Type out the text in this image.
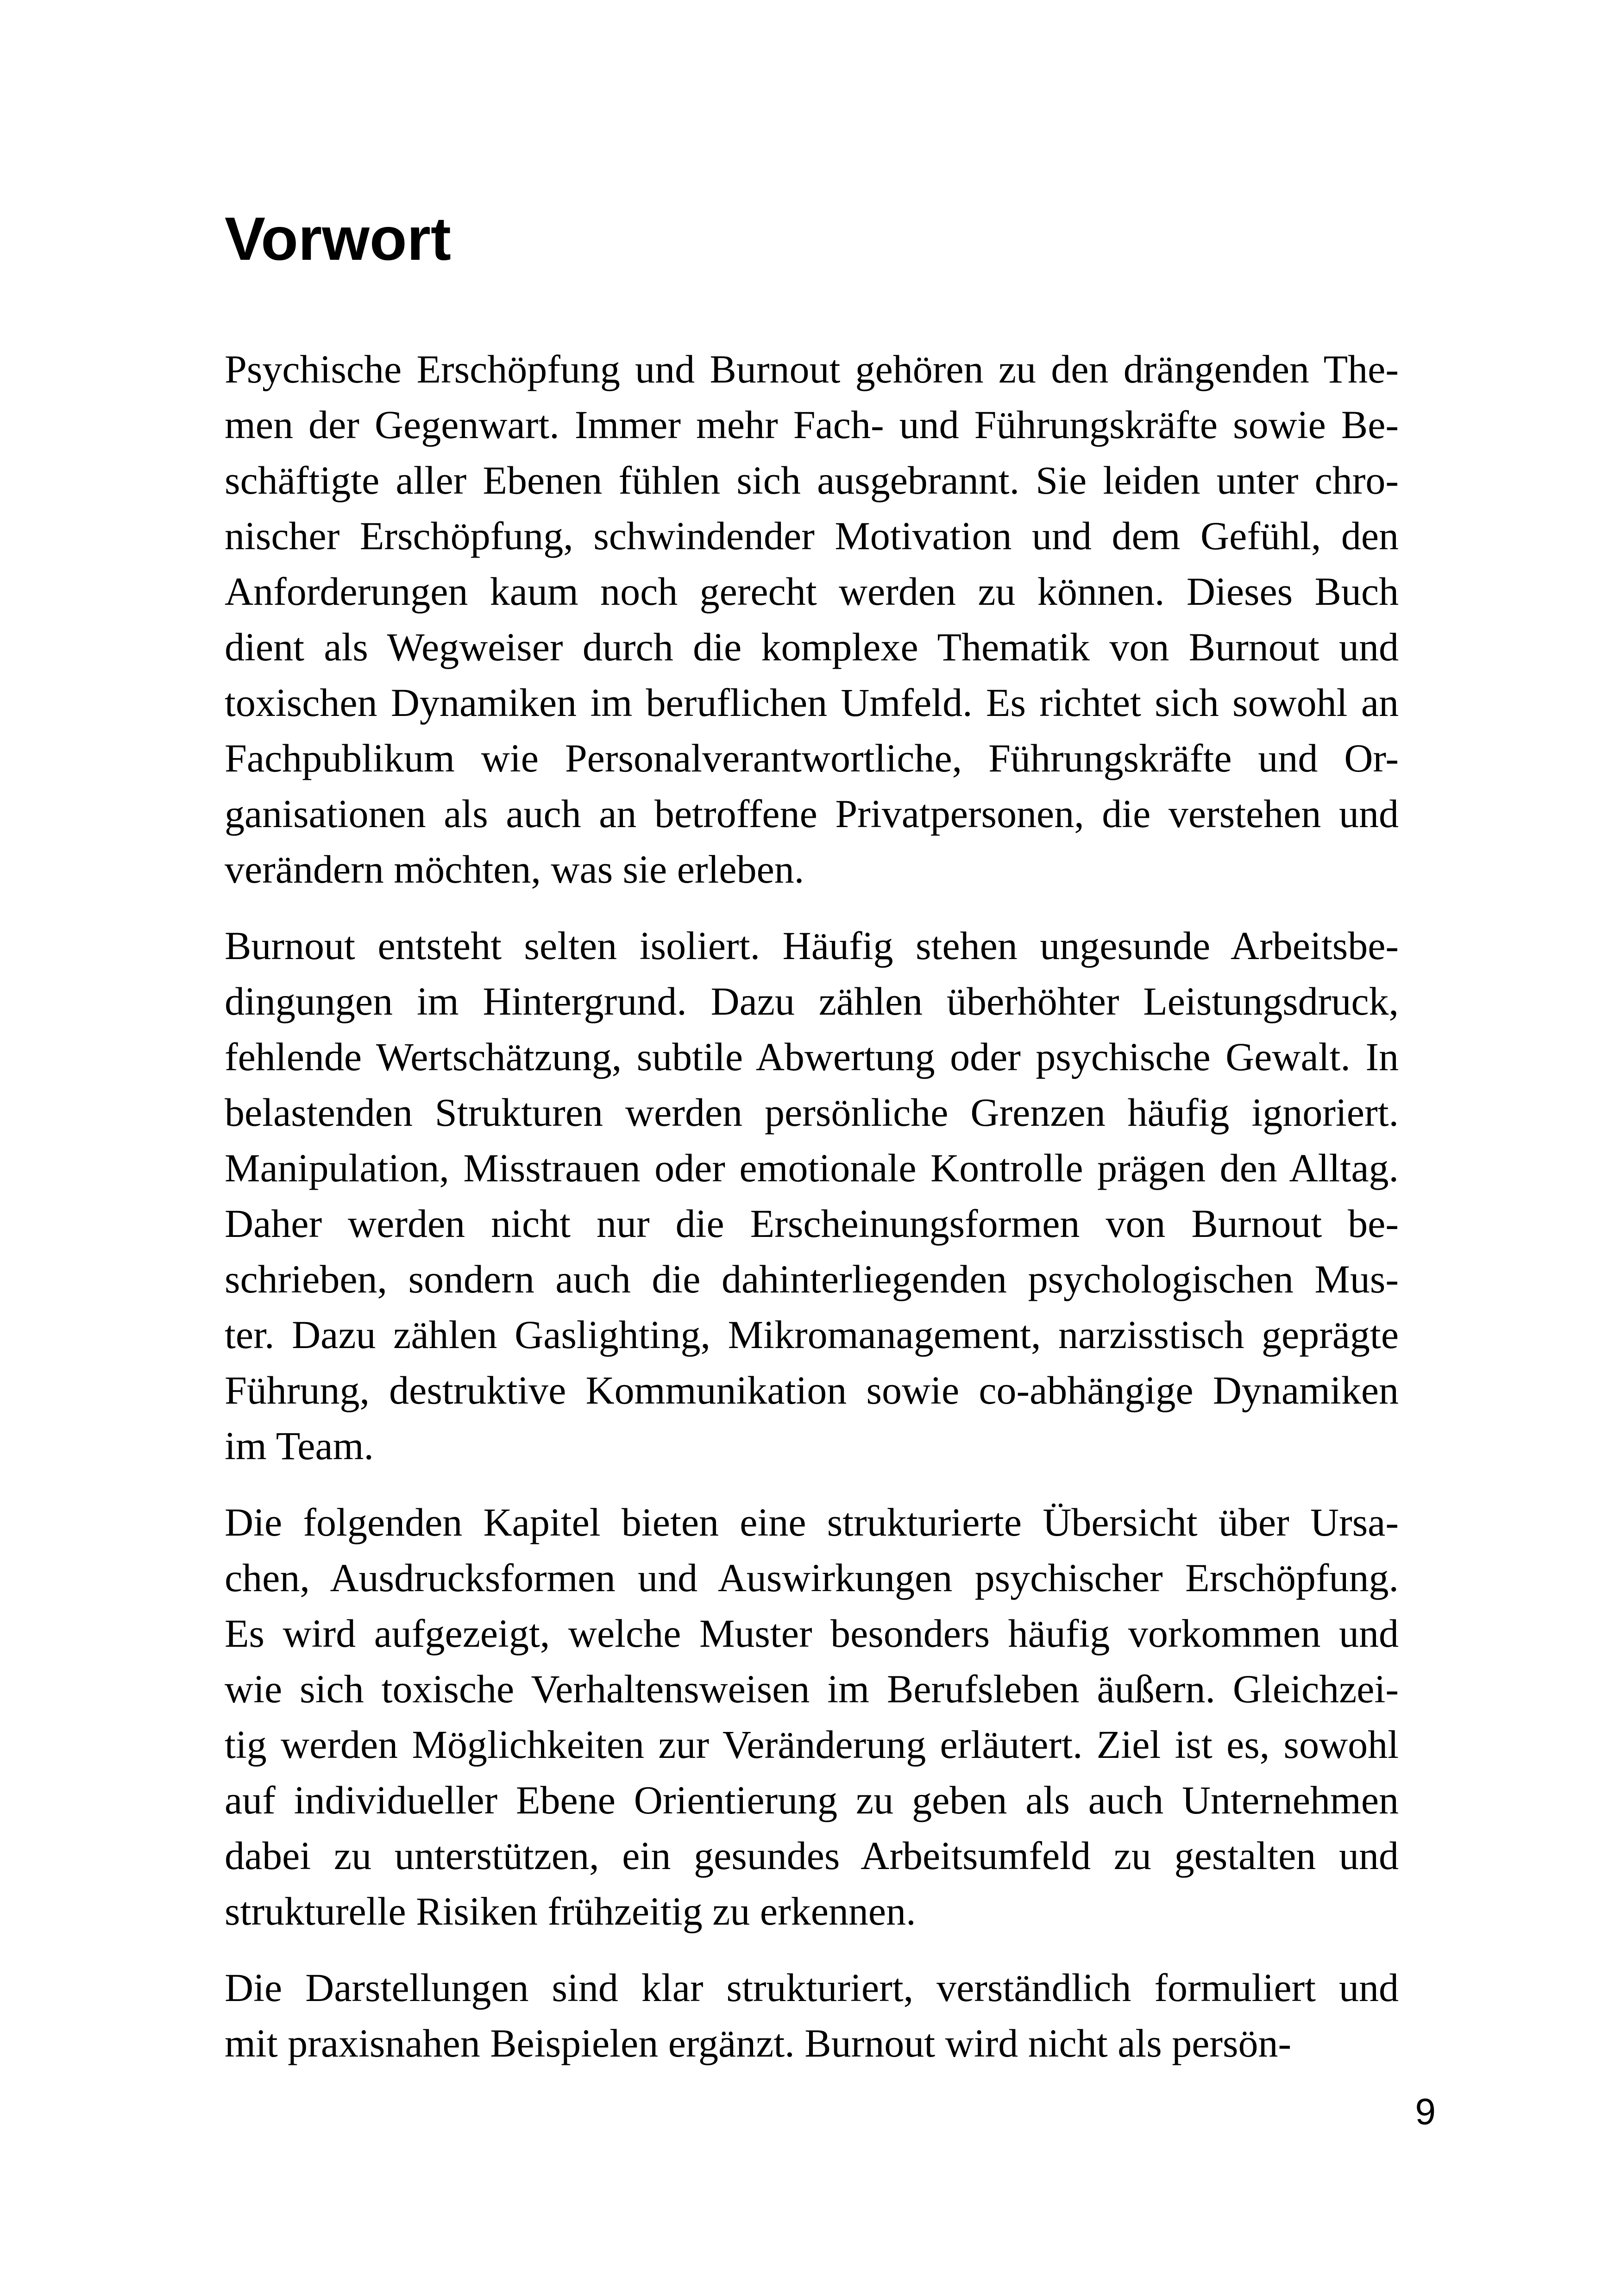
Vorwort
Psychische Erschöpfung und Burnout gehören zu den drängenden The-
men der Gegenwart. Immer mehr Fach- und Führungskräfte sowie Be-
schäftigte aller Ebenen fühlen sich ausgebrannt. Sie leiden unter chro-
nischer Erschöpfung, schwindender Motivation und dem Gefühl, den
Anforderungen kaum noch gerecht werden zu können. Dieses Buch
dient als Wegweiser durch die komplexe Thematik von Burnout und
toxischen Dynamiken im beruflichen Umfeld. Es richtet sich sowohl an
Fachpublikum wie Personalverantwortliche, Führungskräfte und Or-
ganisationen als auch an betroffene Privatpersonen, die verstehen und
verändern möchten, was sie erleben.
Burnout entsteht selten isoliert. Häufig stehen ungesunde Arbeitsbe-
dingungen im Hintergrund. Dazu zählen überhöhter Leistungsdruck,
fehlende Wertschätzung, subtile Abwertung oder psychische Gewalt. In
belastenden Strukturen werden persönliche Grenzen häufig ignoriert.
Manipulation, Misstrauen oder emotionale Kontrolle prägen den Alltag.
Daher werden nicht nur die Erscheinungsformen von Burnout be-
schrieben, sondern auch die dahinterliegenden psychologischen Mus-
ter. Dazu zählen Gaslighting, Mikromanagement, narzisstisch geprägte
Führung, destruktive Kommunikation sowie co-abhängige Dynamiken
im Team.
Die folgenden Kapitel bieten eine strukturierte Übersicht über Ursa-
chen, Ausdrucksformen und Auswirkungen psychischer Erschöpfung.
Es wird aufgezeigt, welche Muster besonders häufig vorkommen und
wie sich toxische Verhaltensweisen im Berufsleben äußern. Gleichzei-
tig werden Möglichkeiten zur Veränderung erläutert. Ziel ist es, sowohl
auf individueller Ebene Orientierung zu geben als auch Unternehmen
dabei zu unterstützen, ein gesundes Arbeitsumfeld zu gestalten und
strukturelle Risiken frühzeitig zu erkennen.
Die Darstellungen sind klar strukturiert, verständlich formuliert und
mit praxisnahen Beispielen ergänzt. Burnout wird nicht als persön-
9
